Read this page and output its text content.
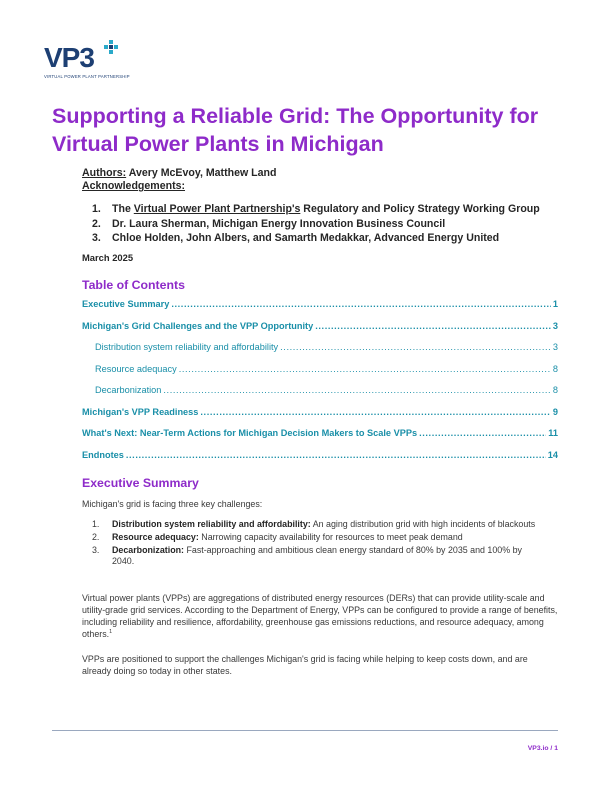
VP3
VIRTUAL POWER PLANT PARTNERSHIP
Supporting a Reliable Grid: The Opportunity for Virtual Power Plants in Michigan
Authors: Avery McEvoy, Matthew Land
Acknowledgements:
1. The Virtual Power Plant Partnership's Regulatory and Policy Strategy Working Group
2. Dr. Laura Sherman, Michigan Energy Innovation Business Council
3. Chloe Holden, John Albers, and Samarth Medakkar, Advanced Energy United
March 2025
Table of Contents
Executive Summary .....	1
Michigan's Grid Challenges and the VPP Opportunity .....	3
Distribution system reliability and affordability .....	3
Resource adequacy .....	8
Decarbonization .....	8
Michigan's VPP Readiness .....	9
What's Next: Near-Term Actions for Michigan Decision Makers to Scale VPPs .....	11
Endnotes .....	14
Executive Summary

Michigan's grid is facing three key challenges:

1. Distribution system reliability and affordability: An aging distribution grid with high incidents of blackouts
2. Resource adequacy: Narrowing capacity availability for resources to meet peak demand
3. Decarbonization: Fast-approaching and ambitious clean energy standard of 80% by 2035 and 100% by 2040.

Virtual power plants (VPPs) are aggregations of distributed energy resources (DERs) that can provide utility-scale and utility-grade grid services. According to the Department of Energy, VPPs can be configured to provide a range of benefits, including reliability and resilience, affordability, greenhouse gas emissions reductions, and resource adequacy, among others.$^1$

VPPs are positioned to support the challenges Michigan's grid is facing while helping to keep costs down, and are already doing so today in other states.

VP3.io / 1
